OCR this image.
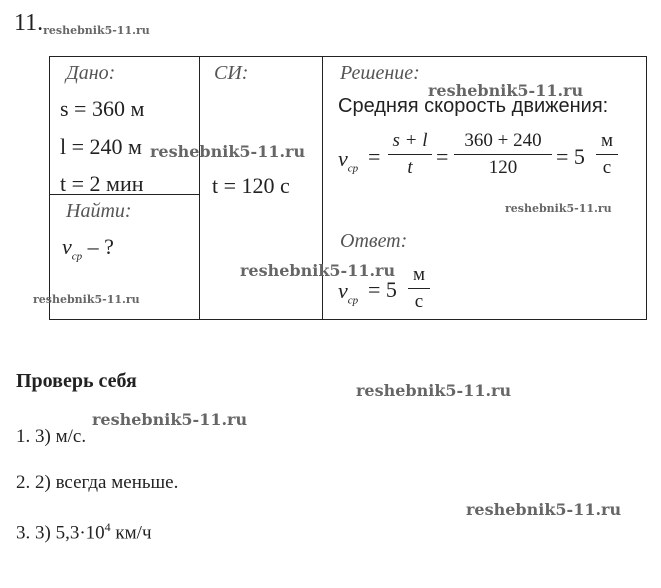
11.reshebnik5-11.ru
Дано:
s = 360 м
l = 240 м
t = 2 мин
Найти:
$v_{ср}$ – ?
СИ:
t = 120 с
Решение:
Средняя скорость движения:
$v_{ср}$ =
s + l
t	=
360 + 240
120	= 5
м
с
Ответ:
$v_{ср} = 5$
м
с
reshebnik5-11.ru
reshebnik5-11.ru
reshebnik5-11.ru
reshebnik5-11.ru
reshebnik5-11.ru
Проверь себя	reshebnik5-11.ru
reshebnik5-11.ru
1. 3) м/с.
2. 2) всегда меньше.
reshebnik5-11.ru
3. 3) $5,3\cdot 10^4$ км/ч
